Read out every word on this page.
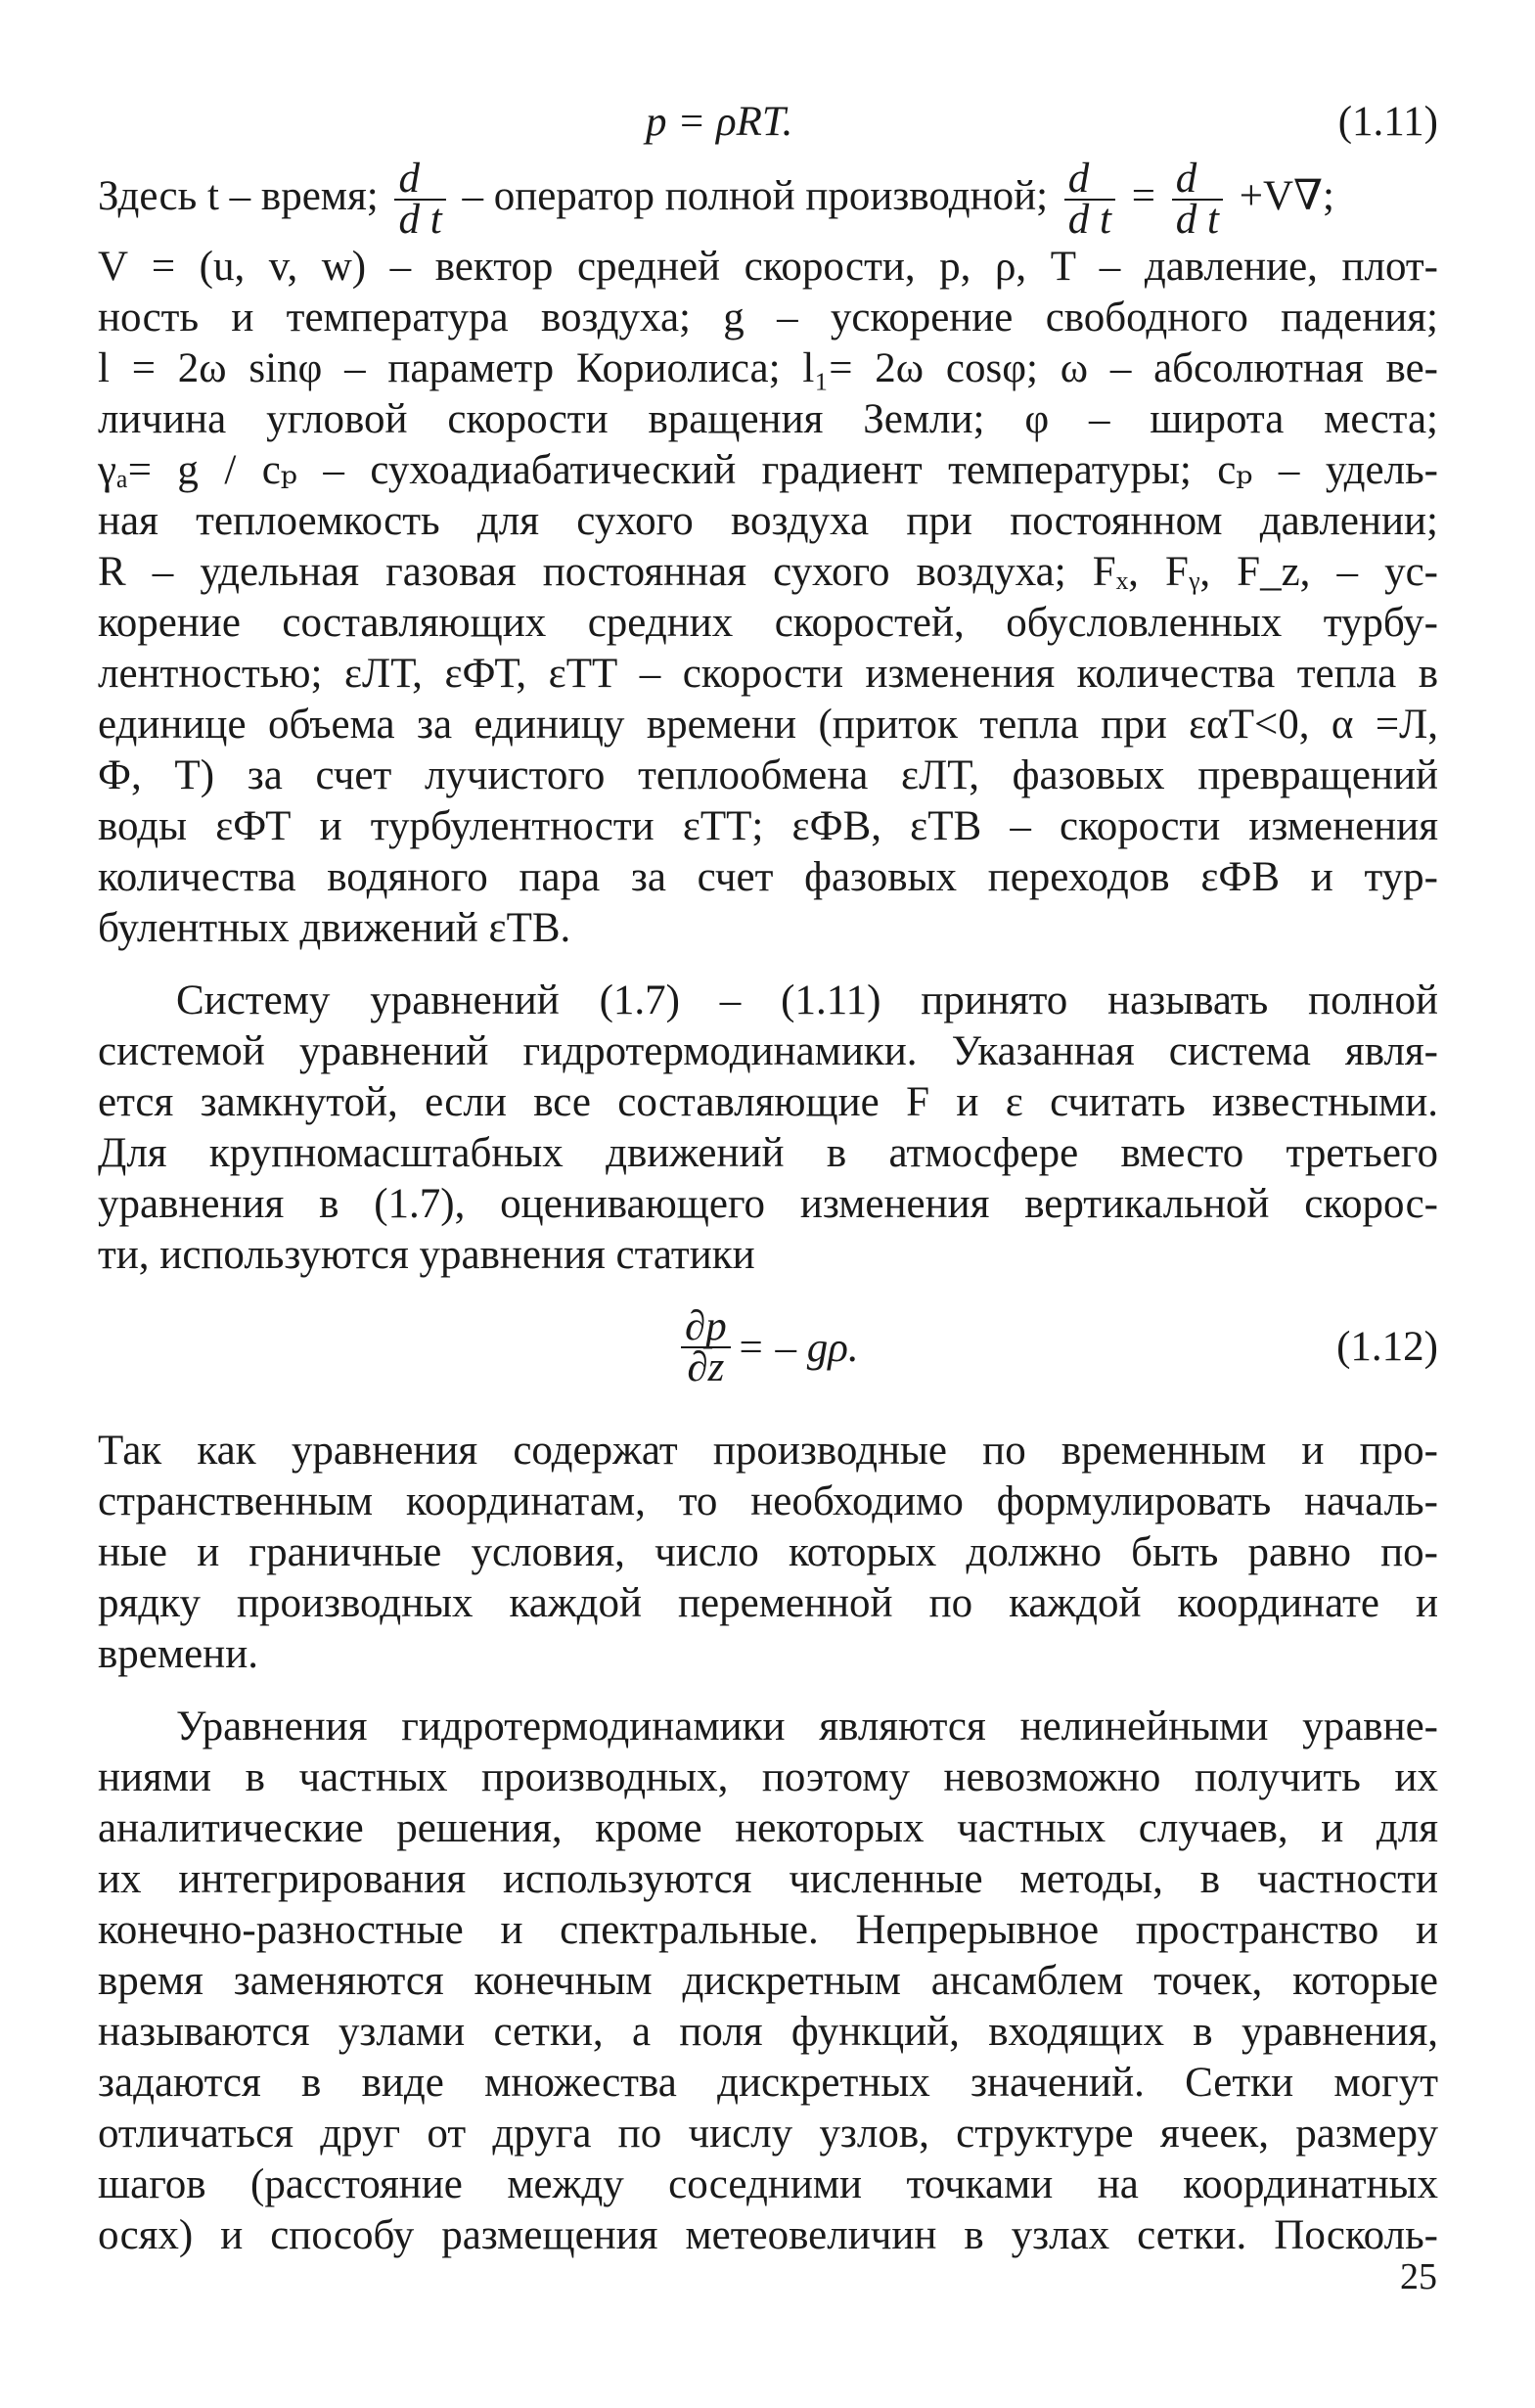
p = ρRT.	(1.11)
Здесь t – время; $\frac{d}{\text{d t}}$ – оператор полной производной; $\frac{d}{\text{d t}} = \frac{d}{\text{d t}} +V\nabla$;
V = (u, v, w) – вектор средней скорости, p, ρ, T – давление, плот-
ность и температура воздуха; g – ускорение свободного падения;
l = 2ω sinφ – параметр Кориолиса; l₁= 2ω cosφ; ω – абсолютная ве-
личина угловой скорости вращения Земли; φ – широта места;
γₐ= g / cₚ – сухоадиабатический градиент температуры; cₚ – удель-
ная теплоемкость для сухого воздуха при постоянном давлении;
R – удельная газовая постоянная сухого воздуха; Fₓ, Fᵧ, F_z, – ус-
корение составляющих средних скоростей, обусловленных турбу-
лентностью; εЛТ, εФТ, εТТ – скорости изменения количества тепла в
единице объема за единицу времени (приток тепла при εαТ<0, α =Л,
Ф, Т) за счет лучистого теплообмена εЛТ, фазовых превращений
воды εФТ и турбулентности εТТ; εФВ, εТВ – скорости изменения
количества водяного пара за счет фазовых переходов εФВ и тур-
булентных движений εТВ.
Систему уравнений (1.7) – (1.11) принято называть полной
системой уравнений гидротермодинамики. Указанная система явля-
ется замкнутой, если все составляющие F и ε считать известными.
Для крупномасштабных движений в атмосфере вместо третьего
уравнения в (1.7), оценивающего изменения вертикальной скорос-
ти, используются уравнения статики
$\frac{\partial p}{\partial z}$ = – gρ.	(1.12)
Так как уравнения содержат производные по временным и про-
странственным координатам, то необходимо формулировать началь-
ные и граничные условия, число которых должно быть равно по-
рядку производных каждой переменной по каждой координате и
времени.
Уравнения гидротермодинамики являются нелинейными уравне-
ниями в частных производных, поэтому невозможно получить их
аналитические решения, кроме некоторых частных случаев, и для
их интегрирования используются численные методы, в частности
конечно-разностные и спектральные. Непрерывное пространство и
время заменяются конечным дискретным ансамблем точек, которые
называются узлами сетки, а поля функций, входящих в уравнения,
задаются в виде множества дискретных значений. Сетки могут
отличаться друг от друга по числу узлов, структуре ячеек, размеру
шагов (расстояние между соседними точками на координатных
осях) и способу размещения метеовеличин в узлах сетки. Посколь-
25
